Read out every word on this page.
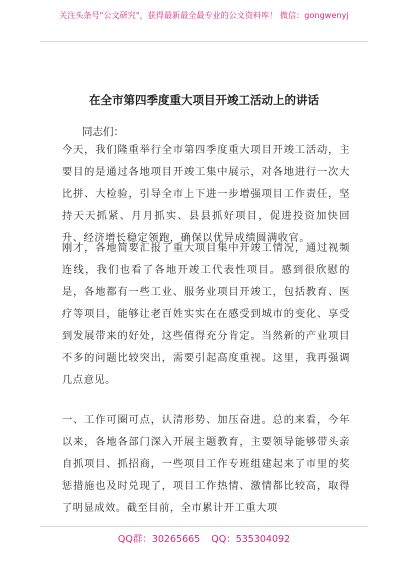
关注头条号"公文研究"，获得最新最全最专业的公文资料库！ 微信：gongwenyj
在全市第四季度重大项目开竣工活动上的讲话
同志们：

今天，我们隆重举行全市第四季度重大项目开竣工活动，主要目的是通过各地项目开竣工集中展示，对各地进行一次大比拼、大检验，引导全市上下进一步增强项目工作责任，坚持天天抓紧、月月抓实、县县抓好项目，促进投资加快回升、经济增长稳定领跑，确保以优异成绩圆满收官。

刚才，各地简要汇报了重大项目集中开竣工情况，通过视频连线，我们也看了各地开竣工代表性项目。感到很欣慰的是，各地都有一些工业、服务业项目开竣工，包括教育、医疗等项目，能够让老百姓实实在在感受到城市的变化、享受到发展带来的好处，这些值得充分肯定。当然新的产业项目不多的问题比较突出，需要引起高度重视。这里，我再强调几点意见。

一、工作可圈可点，认清形势、加压奋进。总的来看，今年以来，各地各部门深入开展主题教育，主要领导能够带头亲自抓项目、抓招商，一些项目工作专班组建起来了市里的奖惩措施也及时兑现了，项目工作热情、激情都比较高，取得了明显成效。截至目前，全市累计开工重大项

QQ群：30265665 QQ：535304092
